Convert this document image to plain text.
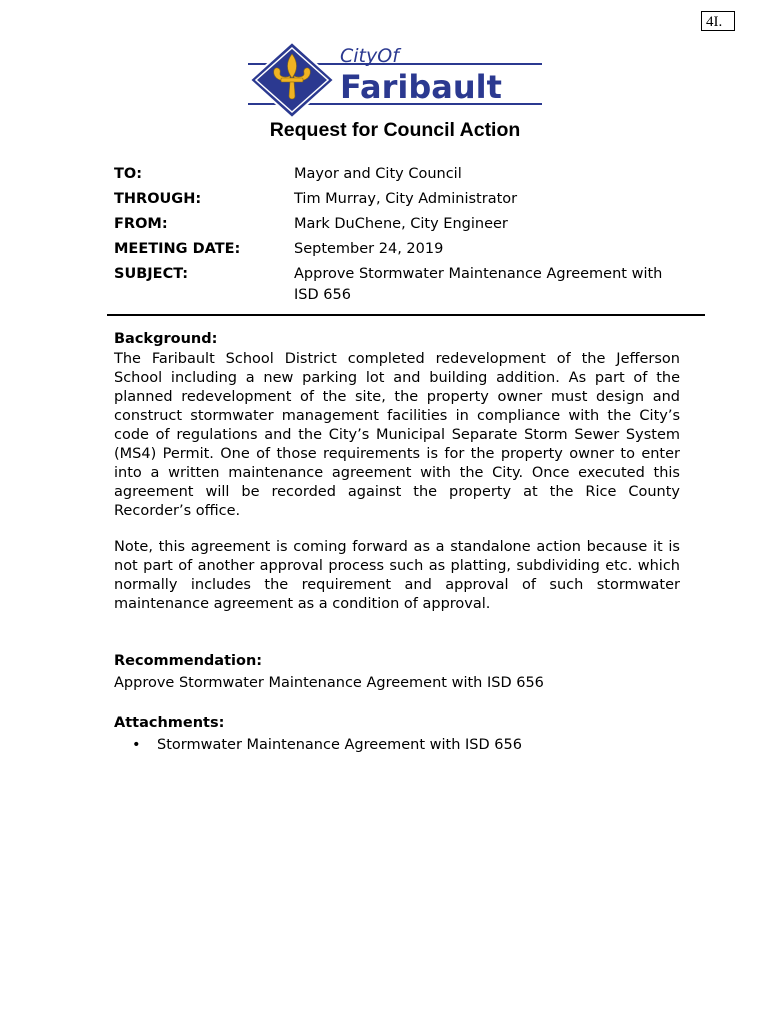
4I.
CityOf
Faribault
Request for Council Action
TO:	Mayor and City Council
THROUGH:	Tim Murray, City Administrator
FROM:	Mark DuChene, City Engineer
MEETING DATE:	September 24, 2019
SUBJECT:	Approve Stormwater Maintenance Agreement with ISD 656
Background:
The Faribault School District completed redevelopment of the Jefferson School including a new parking lot and building addition. As part of the planned redevelopment of the site, the property owner must design and construct stormwater management facilities in compliance with the City’s code of regulations and the City’s Municipal Separate Storm Sewer System (MS4) Permit. One of those requirements is for the property owner to enter into a written maintenance agreement with the City. Once executed this agreement will be recorded against the property at the Rice County Recorder’s office.
Note, this agreement is coming forward as a standalone action because it is not part of another approval process such as platting, subdividing etc. which normally includes the requirement and approval of such stormwater maintenance agreement as a condition of approval.
Recommendation:
Approve Stormwater Maintenance Agreement with ISD 656
Attachments:
• Stormwater Maintenance Agreement with ISD 656
